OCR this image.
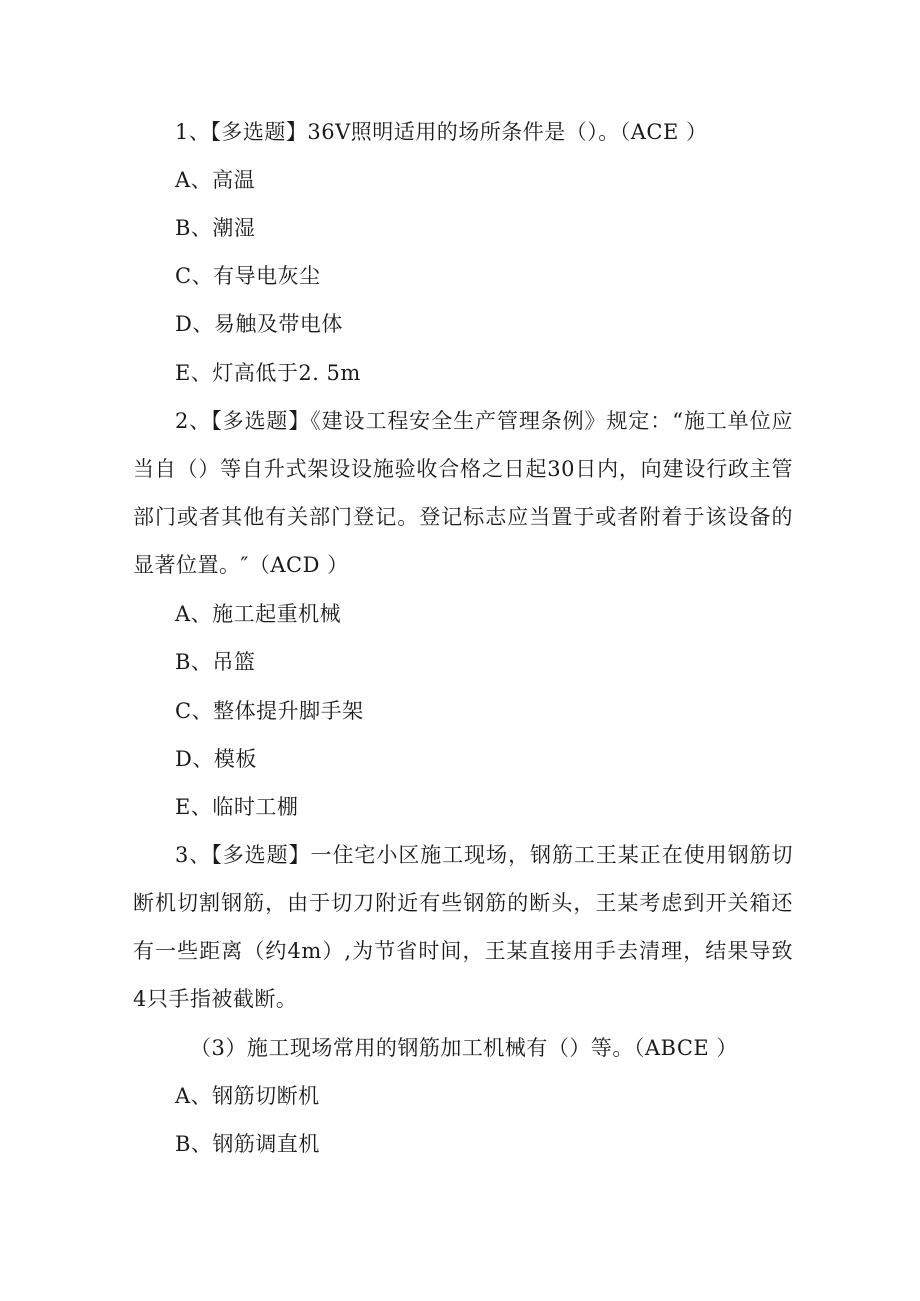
1、【多选题】36V照明适用的场所条件是（）。（ACE ）
A、高温
B、潮湿
C、有导电灰尘
D、易触及带电体
E、灯高低于2. 5m
2、【多选题】《建设工程安全生产管理条例》规定：“施工单位应 当自（）等自升式架设设施验收合格之日起30日内，向建设行政主管部门或者其他有关部门登记。登记标志应当置于或者附着于该设备的显著位置。″（ACD ）
A、施工起重机械
B、吊篮
C、整体提升脚手架
D、模板
E、临时工棚
3、【多选题】一住宅小区施工现场，钢筋工王某正在使用钢筋切断机切割钢筋，由于切刀附近有些钢筋的断头，王某考虑到开关箱还有一些距离（约4m）,为节省时间，王某直接用手去清理，结果导致 4只手指被截断。
（3）施工现场常用的钢筋加工机械有（）等。（ABCE ）
A、钢筋切断机
B、钢筋调直机
